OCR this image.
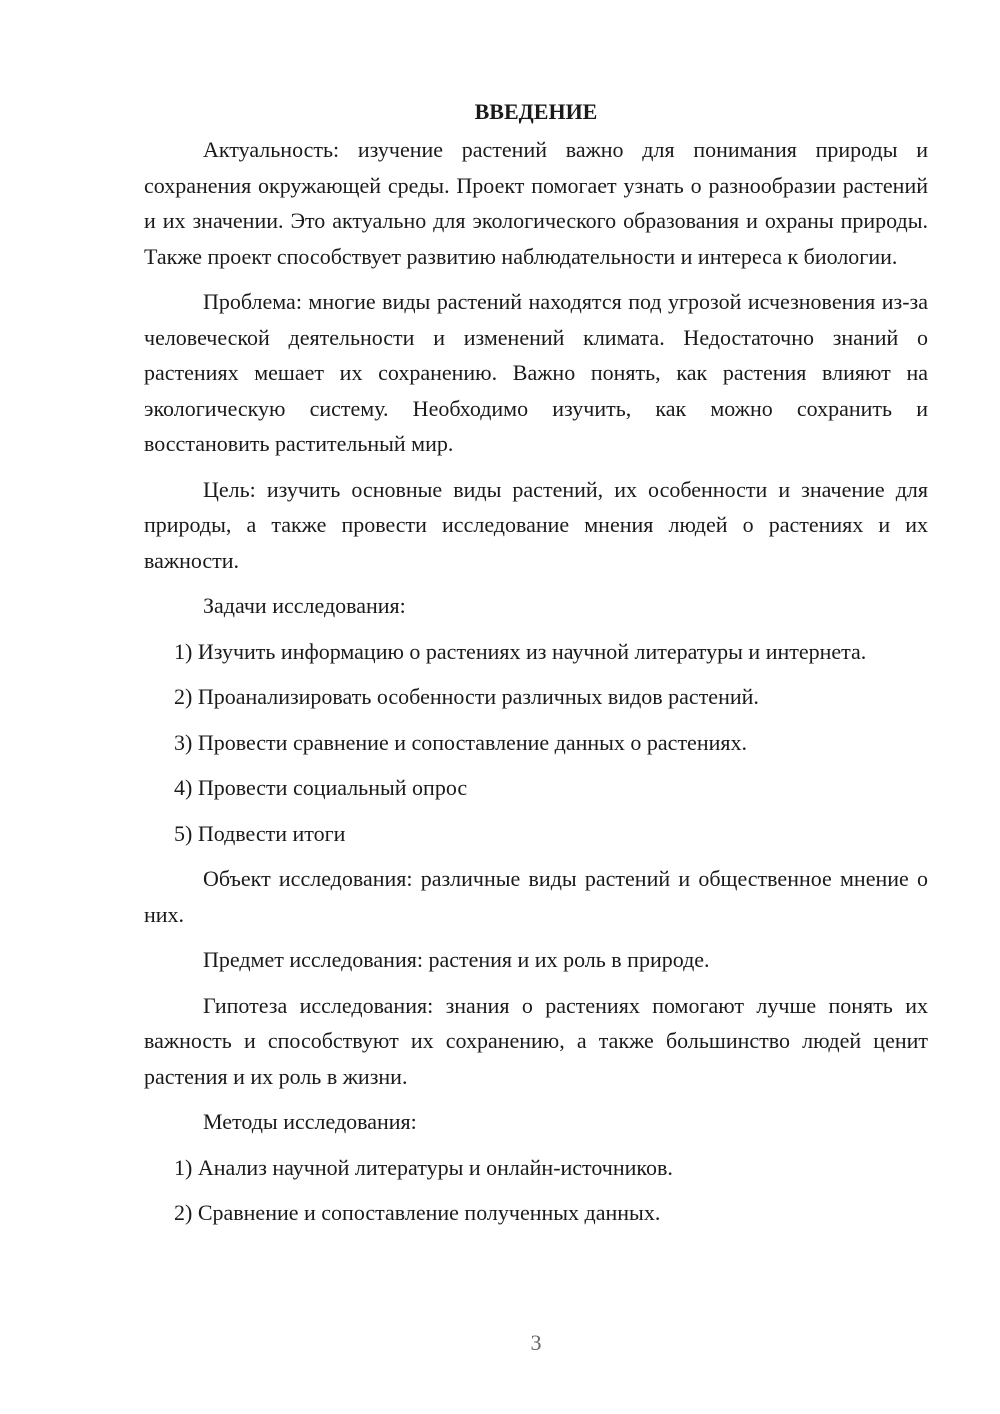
ВВЕДЕНИЕ

Актуальность: изучение растений важно для понимания природы и сохранения окружающей среды. Проект помогает узнать о разнообразии растений и их значении. Это актуально для экологического образования и охраны природы. Также проект способствует развитию наблюдательности и интереса к биологии.

Проблема: многие виды растений находятся под угрозой исчезновения из-за человеческой деятельности и изменений климата. Недостаточно знаний о растениях мешает их сохранению. Важно понять, как растения влияют на экологическую систему. Необходимо изучить, как можно сохранить и восстановить растительный мир.

Цель: изучить основные виды растений, их особенности и значение для природы, а также провести исследование мнения людей о растениях и их важности.

Задачи исследования:

1) Изучить информацию о растениях из научной литературы и интернета.

2) Проанализировать особенности различных видов растений.

3) Провести сравнение и сопоставление данных о растениях.

4) Провести социальный опрос

5) Подвести итоги

Объект исследования: различные виды растений и общественное мнение о них.

Предмет исследования: растения и их роль в природе.

Гипотеза исследования: знания о растениях помогают лучше понять их важность и способствуют их сохранению, а также большинство людей ценит растения и их роль в жизни.

Методы исследования:

1) Анализ научной литературы и онлайн-источников.

2) Сравнение и сопоставление полученных данных.

3
